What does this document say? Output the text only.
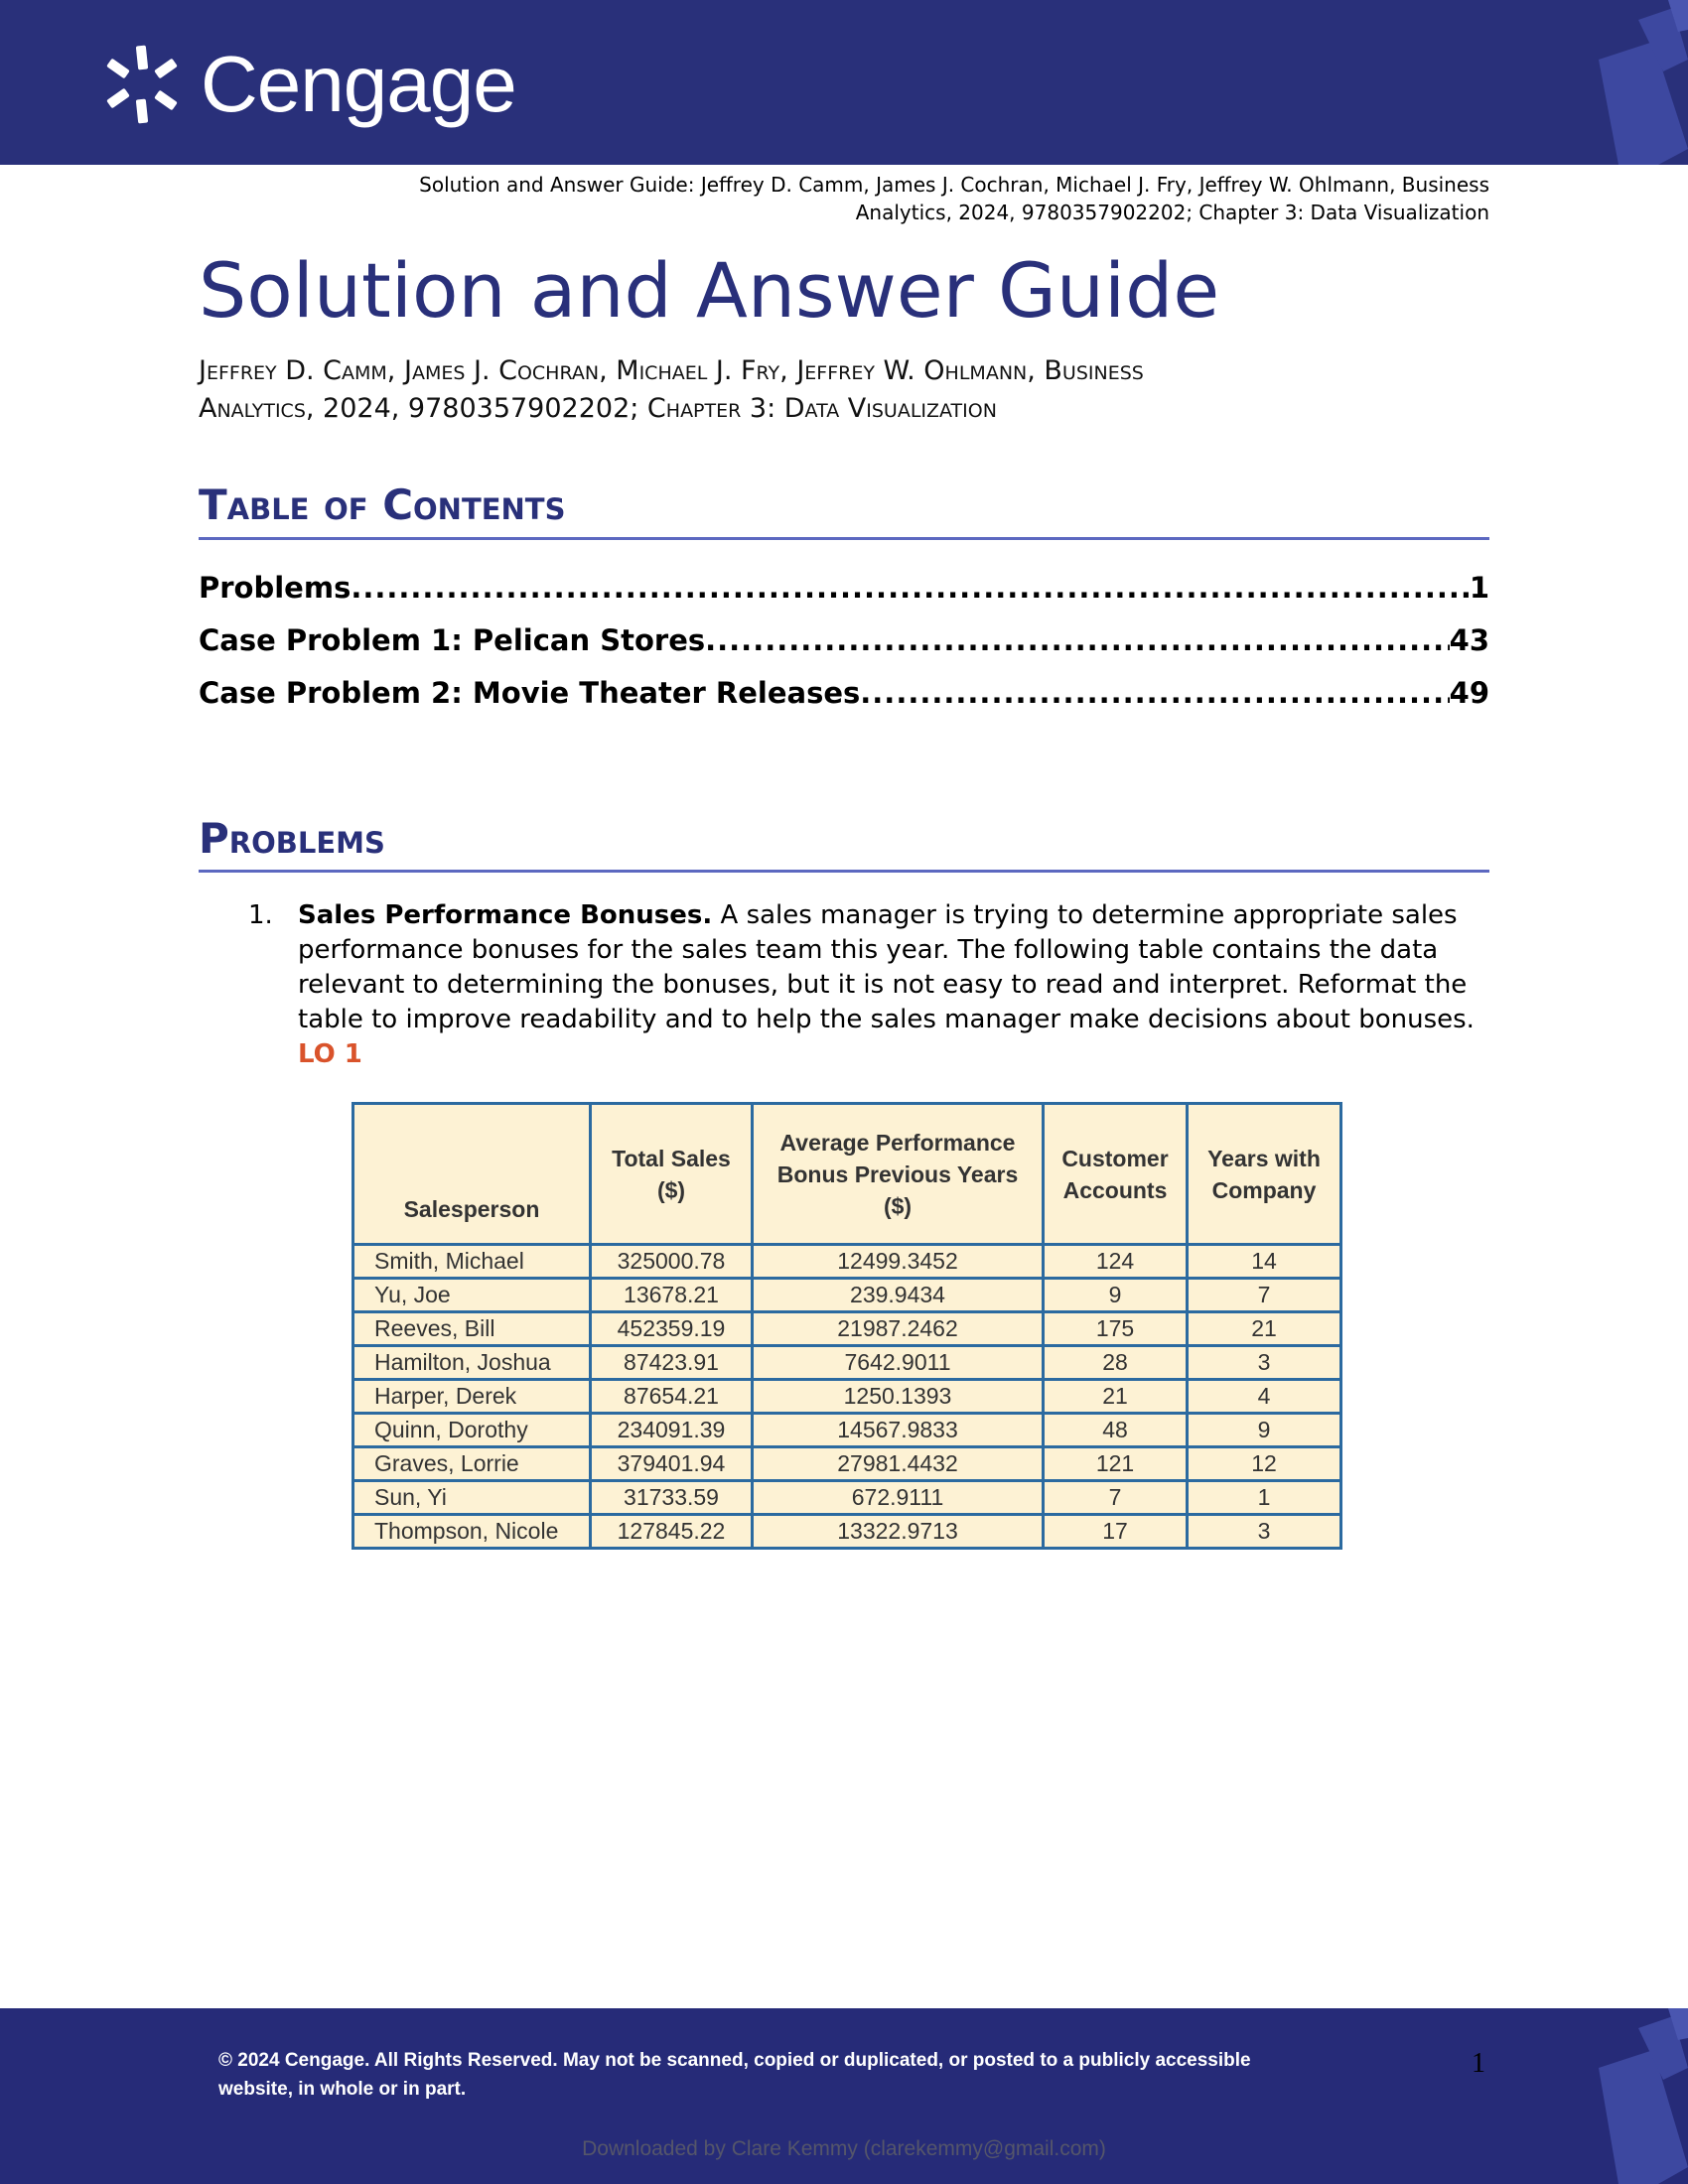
Cengage
Solution and Answer Guide: Jeffrey D. Camm, James J. Cochran, Michael J. Fry, Jeffrey W. Ohlmann, Business
Analytics, 2024, 9780357902202; Chapter 3: Data Visualization
Solution and Answer Guide
Jeffrey D. Camm, James J. Cochran, Michael J. Fry, Jeffrey W. Ohlmann, Business
Analytics, 2024, 9780357902202; Chapter 3: Data Visualization
Table of Contents
Problems .....	1
Case Problem 1: Pelican Stores .....	43
Case Problem 2: Movie Theater Releases .....	49
Problems
1. Sales Performance Bonuses. A sales manager is trying to determine appropriate sales performance bonuses for the sales team this year. The following table contains the data relevant to determining the bonuses, but it is not easy to read and interpret. Reformat the table to improve readability and to help the sales manager make decisions about bonuses. LO 1
Salesperson	Total Sales ($)	Average Performance Bonus Previous Years ($)	Customer Accounts	Years with Company
Smith, Michael	325000.78	12499.3452	124	14
Yu, Joe	13678.21	239.9434	9	7
Reeves, Bill	452359.19	21987.2462	175	21
Hamilton, Joshua	87423.91	7642.9011	28	3
Harper, Derek	87654.21	1250.1393	21	4
Quinn, Dorothy	234091.39	14567.9833	48	9
Graves, Lorrie	379401.94	27981.4432	121	12
Sun, Yi	31733.59	672.9111	7	1
Thompson, Nicole	127845.22	13322.9713	17	3
© 2024 Cengage. All Rights Reserved. May not be scanned, copied or duplicated, or posted to a publicly accessible website, in whole or in part.
1
Downloaded by Clare Kemmy (clarekemmy@gmail.com)
